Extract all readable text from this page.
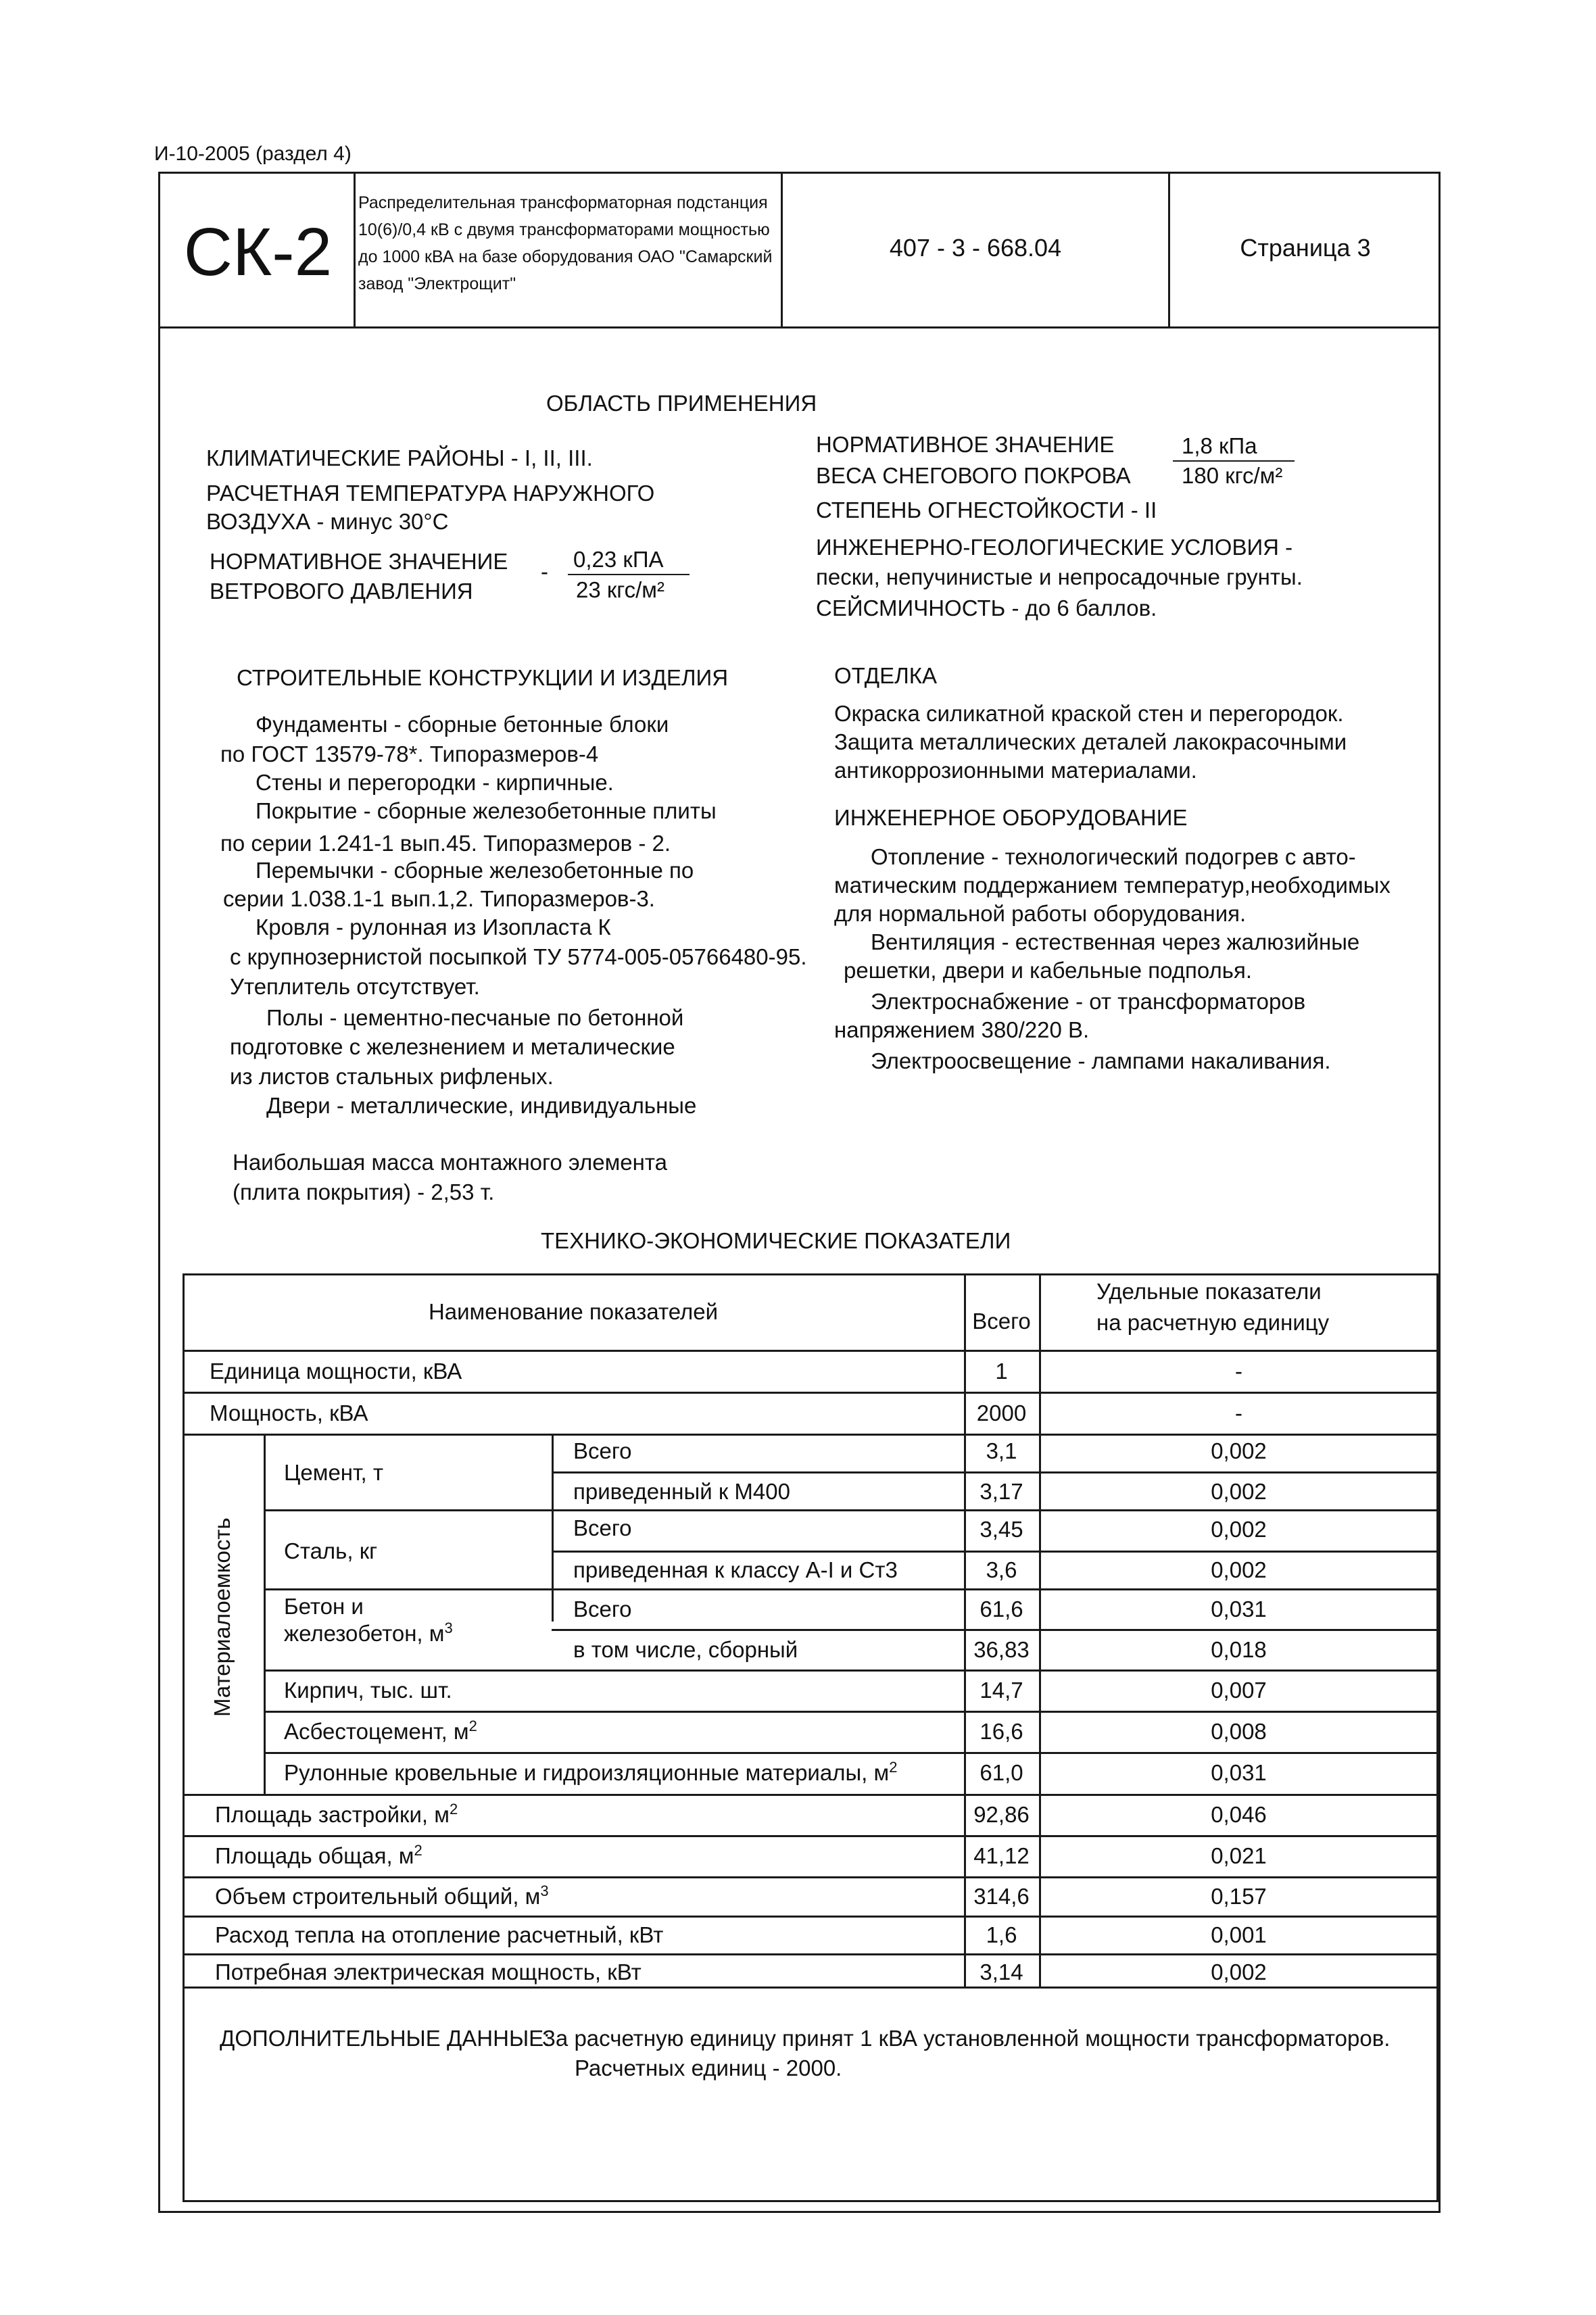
И-10-2005 (раздел 4)
СК-2
Распределительная трансформаторная подстанция
10(6)/0,4 кВ с двумя трансформаторами мощностью
до 1000 кВА на базе оборудования ОАО "Самарский
завод "Электрощит"
407 - 3 - 668.04	Страница 3
ОБЛАСТЬ ПРИМЕНЕНИЯ
КЛИМАТИЧЕСКИЕ РАЙОНЫ - I, II, III.
РАСЧЕТНАЯ ТЕМПЕРАТУРА НАРУЖНОГО
ВОЗДУХА - минус 30°С
НОРМАТИВНОЕ ЗНАЧЕНИЕ
ВЕТРОВОГО ДАВЛЕНИЯ
- 0,23 кПА
23 кгс/м²
НОРМАТИВНОЕ ЗНАЧЕНИЕ
ВЕСА СНЕГОВОГО ПОКРОВА
1,8 кПа
180 кгс/м²
СТЕПЕНЬ ОГНЕСТОЙКОСТИ - II
ИНЖЕНЕРНО-ГЕОЛОГИЧЕСКИЕ УСЛОВИЯ -
пески, непучинистые и непросадочные грунты.
СЕЙСМИЧНОСТЬ - до 6 баллов.
СТРОИТЕЛЬНЫЕ КОНСТРУКЦИИ И ИЗДЕЛИЯ
Фундаменты - сборные бетонные блоки
по ГОСТ 13579-78*. Типоразмеров-4
Стены и перегородки - кирпичные.
Покрытие - сборные железобетонные плиты
по серии 1.241-1 вып.45. Типоразмеров - 2.
Перемычки - сборные железобетонные по
серии 1.038.1-1 вып.1,2. Типоразмеров-3.
Кровля - рулонная из Изопласта К
с крупнозернистой посыпкой ТУ 5774-005-05766480-95.
Утеплитель отсутствует.
Полы - цементно-песчаные по бетонной
подготовке с железнением и металические
из листов стальных рифленых.
Двери - металлические, индивидуальные
Наибольшая масса монтажного элемента
(плита покрытия) - 2,53 т.
ОТДЕЛКА
Окраска силикатной краской стен и перегородок.
Защита металлических деталей лакокрасочными
антикоррозионными материалами.
ИНЖЕНЕРНОЕ ОБОРУДОВАНИЕ
Отопление - технологический подогрев с авто-
матическим поддержанием температур,необходимых
для нормальной работы оборудования.
Вентиляция - естественная через жалюзийные
решетки, двери и кабельные подполья.
Электроснабжение - от трансформаторов
напряжением 380/220 В.
Электроосвещение - лампами накаливания.
ТЕХНИКО-ЭКОНОМИЧЕСКИЕ ПОКАЗАТЕЛИ
Наименование показателей	Всего
Удельные показатели
на расчетную единицу
Единица мощности, кВА	1	-
Мощность, кВА	2000	-
Материалоемкость
Цемент, т
Всего	3,1	0,002
приведенный к М400	3,17	0,002
Сталь, кг
Всего	3,45	0,002
приведенная к классу А-I и Ст3	3,6	0,002
Бетон и
железобетон, $м^3$
Всего	61,6	0,031
в том числе, сборный	36,83	0,018
Кирпич, тыс. шт.	14,7	0,007
Асбестоцемент, $м^2$	16,6	0,008
Рулонные кровельные и гидроизляционные материалы, $м^2$	61,0	0,031
Площадь застройки, $м^2$	92,86	0,046
Площадь общая, $м^2$	41,12	0,021
Объем строительный общий, $м^3$	314,6	0,157
Расход тепла на отопление расчетный, кВт	1,6	0,001
Потребная электрическая мощность, кВт	3,14	0,002
ДОПОЛНИТЕЛЬНЫЕ ДАННЫЕ:
За расчетную единицу принят 1 кВА установленной мощности трансформаторов.
Расчетных единиц - 2000.
